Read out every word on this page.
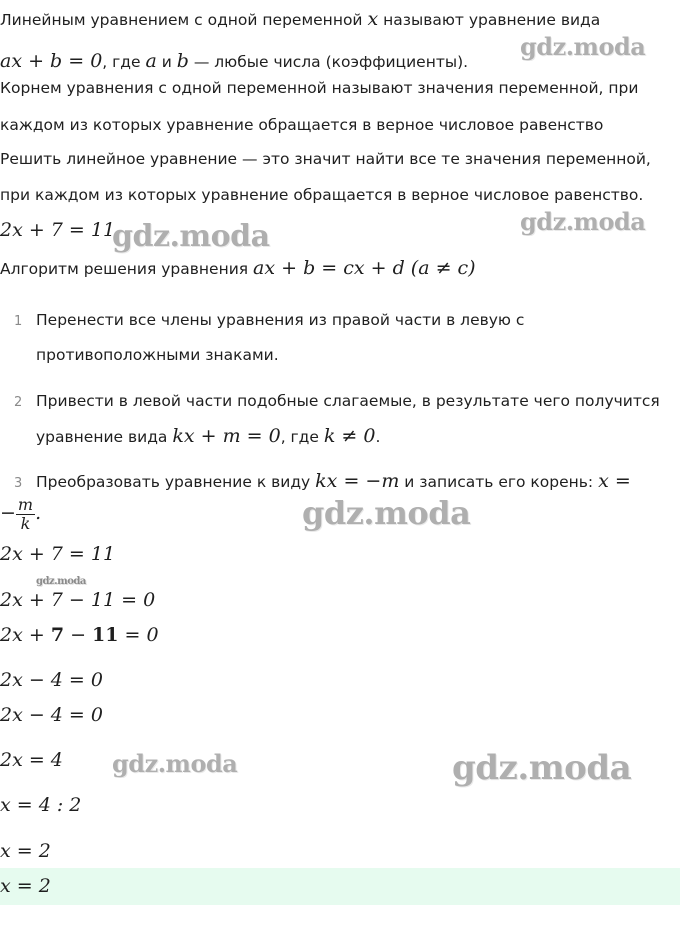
Линейным уравнением с одной переменной x называют уравнение вида
ax + b = 0, где a и b — любые числа (коэффициенты).
Корнем уравнения с одной переменной называют значения переменной, при
каждом из которых уравнение обращается в верное числовое равенство
Решить линейное уравнение — это значит найти все те значения переменной,
при каждом из которых уравнение обращается в верное числовое равенство.
2x + 7 = 11
Алгоритм решения уравнения ax + b = cx + d (a ≠ c)
1 Перенести все члены уравнения из правой части в левую с
противоположными знаками.
2 Привести в левой части подобные слагаемые, в результате чего получится
уравнение вида kx + m = 0, где k ≠ 0.
3 Преобразовать уравнение к виду kx = −m и записать его корень: x =
− $\frac{m}{k}$ .
2x + 7 = 11
2x + 7 − 11 = 0
2x + 7 − 11 = 0
2x − 4 = 0
2x − 4 = 0
2x = 4
x = 4 : 2
x = 2
x = 2
gdz.moda
gdz.moda
gdz.moda
gdz.moda
gdz.moda
gdz.moda	gdz.moda
